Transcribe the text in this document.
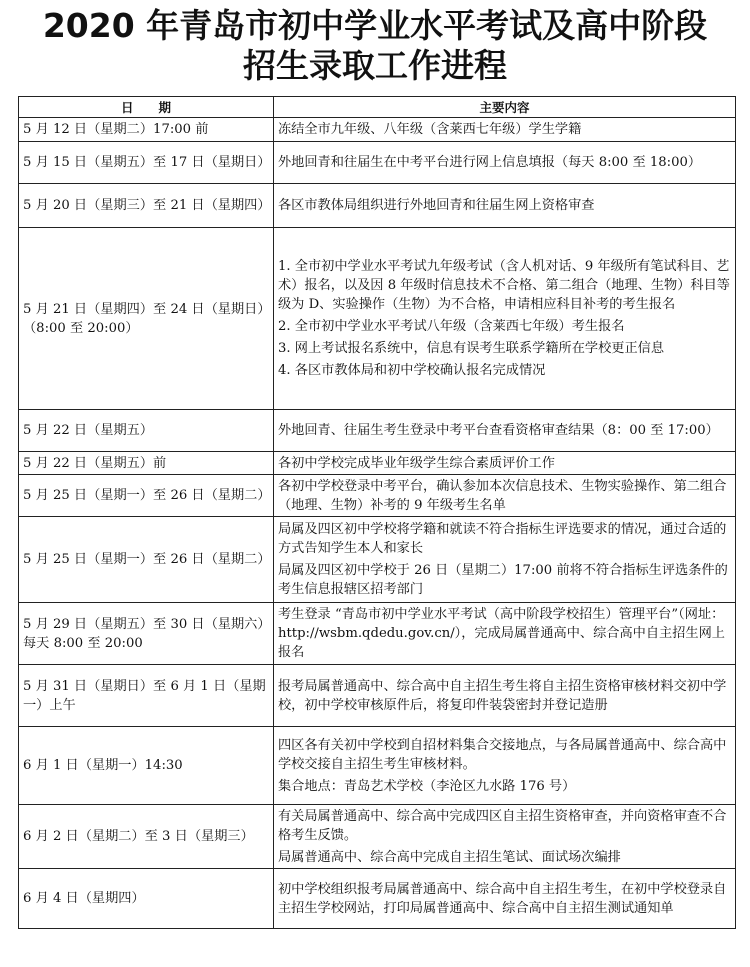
2020 年青岛市初中学业水平考试及高中阶段
招生录取工作进程
日　　期	主要内容
5 月 12 日（星期二）17:00 前	冻结全市九年级、八年级（含莱西七年级）学生学籍
5 月 15 日（星期五）至 17 日（星期日）	外地回青和往届生在中考平台进行网上信息填报（每天 8:00 至 18:00）
5 月 20 日（星期三）至 21 日（星期四）	各区市教体局组织进行外地回青和往届生网上资格审查
5 月 21 日（星期四）至 24 日（星期日）（8:00 至 20:00）	1. 全市初中学业水平考试九年级考试（含人机对话、9 年级所有笔试科目、艺术）报名，以及因 8 年级时信息技术不合格、第二组合（地理、生物）科目等级为 D、实验操作（生物）为不合格，申请相应科目补考的考生报名
2. 全市初中学业水平考试八年级（含莱西七年级）考生报名
3. 网上考试报名系统中，信息有误考生联系学籍所在学校更正信息
4. 各区市教体局和初中学校确认报名完成情况

5 月 22 日（星期五）	外地回青、往届生考生登录中考平台查看资格审查结果（8：00 至 17:00）
5 月 22 日（星期五）前	各初中学校完成毕业年级学生综合素质评价工作
5 月 25 日（星期一）至 26 日（星期二）	各初中学校登录中考平台，确认参加本次信息技术、生物实验操作、第二组合（地理、生物）补考的 9 年级考生名单
5 月 25 日（星期一）至 26 日（星期二）	局属及四区初中学校将学籍和就读不符合指标生评选要求的情况，通过合适的方式告知学生本人和家长
局属及四区初中学校于 26 日（星期二）17:00 前将不符合指标生评选条件的考生信息报辖区招考部门

5 月 29 日（星期五）至 30 日（星期六）每天 8:00 至 20:00	考生登录 “青岛市初中学业水平考试（高中阶段学校招生）管理平台”（网址：http://wsbm.qdedu.gov.cn/），完成局属普通高中、综合高中自主招生网上报名
5 月 31 日（星期日）至 6 月 1 日（星期一）上午	报考局属普通高中、综合高中自主招生考生将自主招生资格审核材料交初中学校，初中学校审核原件后，将复印件装袋密封并登记造册
6 月 1 日（星期一）14:30	四区各有关初中学校到自招材料集合交接地点，与各局属普通高中、综合高中学校交接自主招生考生审核材料。
集合地点：青岛艺术学校（李沧区九水路 176 号）

6 月 2 日（星期二）至 3 日（星期三）	有关局属普通高中、综合高中完成四区自主招生资格审查，并向资格审查不合格考生反馈。
局属普通高中、综合高中完成自主招生笔试、面试场次编排

6 月 4 日（星期四）	初中学校组织报考局属普通高中、综合高中自主招生考生，在初中学校登录自主招生学校网站，打印局属普通高中、综合高中自主招生测试通知单
